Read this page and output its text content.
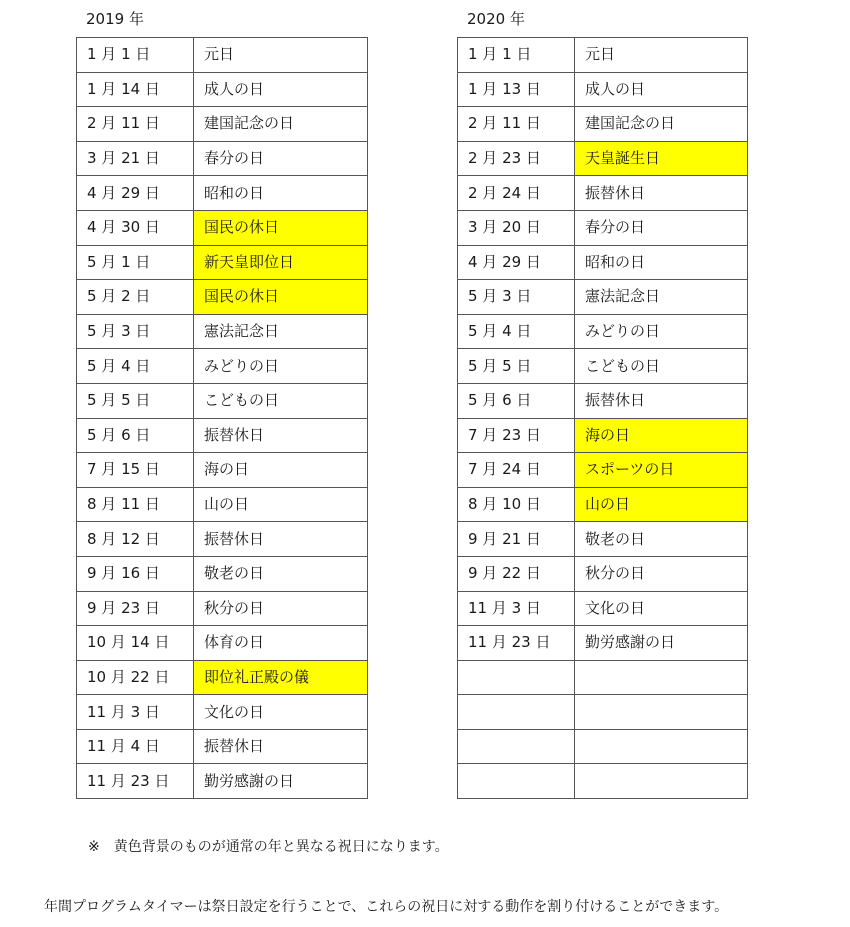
2019 年
1 月 1 日	元日
1 月 14 日	成人の日
2 月 11 日	建国記念の日
3 月 21 日	春分の日
4 月 29 日	昭和の日
4 月 30 日	国民の休日
5 月 1 日	新天皇即位日
5 月 2 日	国民の休日
5 月 3 日	憲法記念日
5 月 4 日	みどりの日
5 月 5 日	こどもの日
5 月 6 日	振替休日
7 月 15 日	海の日
8 月 11 日	山の日
8 月 12 日	振替休日
9 月 16 日	敬老の日
9 月 23 日	秋分の日
10 月 14 日	体育の日
10 月 22 日	即位礼正殿の儀
11 月 3 日	文化の日
11 月 4 日	振替休日
11 月 23 日	勤労感謝の日
2020 年
1 月 1 日	元日
1 月 13 日	成人の日
2 月 11 日	建国記念の日
2 月 23 日	天皇誕生日
2 月 24 日	振替休日
3 月 20 日	春分の日
4 月 29 日	昭和の日
5 月 3 日	憲法記念日
5 月 4 日	みどりの日
5 月 5 日	こどもの日
5 月 6 日	振替休日
7 月 23 日	海の日
7 月 24 日	スポーツの日
8 月 10 日	山の日
9 月 21 日	敬老の日
9 月 22 日	秋分の日
11 月 3 日	文化の日
11 月 23 日	勤労感謝の日

※　黄色背景のものが通常の年と異なる祝日になります。
年間プログラムタイマーは祭日設定を行うことで、これらの祝日に対する動作を割り付けることができます。
